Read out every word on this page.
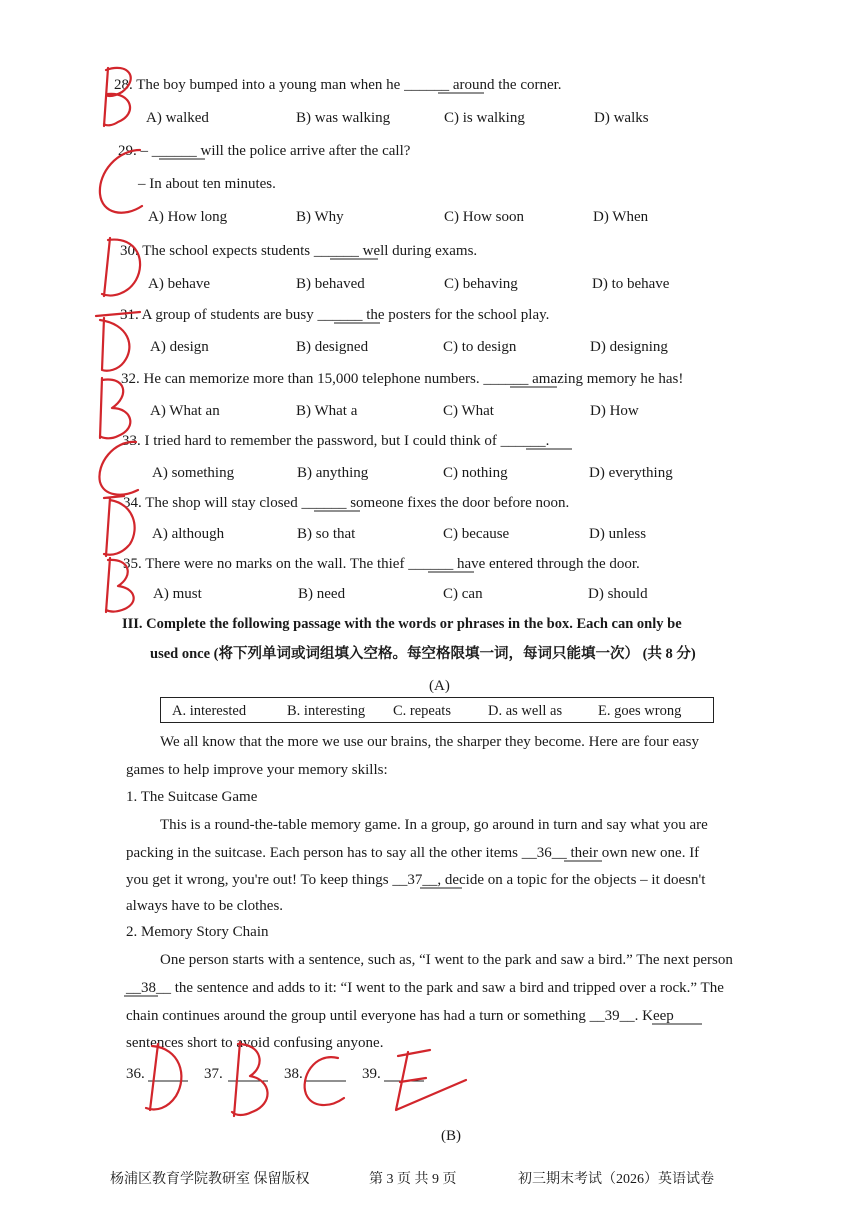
28. The boy bumped into a young man when he ______ around the corner.
A) walked	B) was walking	C) is walking	D) walks
29. – ______ will the police arrive after the call?
– In about ten minutes.
A) How long	B) Why	C) How soon	D) When
30. The school expects students ______ well during exams.
A) behave	B) behaved	C) behaving	D) to behave
31. A group of students are busy ______ the posters for the school play.
A) design	B) designed	C) to design	D) designing
32. He can memorize more than 15,000 telephone numbers. ______ amazing memory he has!
A) What an	B) What a	C) What	D) How
33. I tried hard to remember the password, but I could think of ______.
A) something	B) anything	C) nothing	D) everything
34. The shop will stay closed ______ someone fixes the door before noon.
A) although	B) so that	C) because	D) unless
35. There were no marks on the wall. The thief ______ have entered through the door.
A) must	B) need	C) can	D) should
III. Complete the following passage with the words or phrases in the box. Each can only be
used once (将下列单词或词组填入空格。每空格限填一词，每词只能填一次） (共 8 分)
(A)
A. interested	B. interesting C. repeats	D. as well as E. goes wrong
We all know that the more we use our brains, the sharper they become. Here are four easy
games to help improve your memory skills:
1. The Suitcase Game
This is a round-the-table memory game. In a group, go around in turn and say what you are
packing in the suitcase. Each person has to say all the other items __36__ their own new one. If
you get it wrong, you're out! To keep things __37__, decide on a topic for the objects – it doesn't
always have to be clothes.
2. Memory Story Chain
One person starts with a sentence, such as, “I went to the park and saw a bird.” The next person
__38__ the sentence and adds to it: “I went to the park and saw a bird and tripped over a rock.” The
chain continues around the group until everyone has had a turn or something __39__. Keep
sentences short to avoid confusing anyone.
36.	37.	38.	39.
(B)
杨浦区教育学院教研室 保留版权	第 3 页 共 9 页	初三期末考试（2026）英语试卷
